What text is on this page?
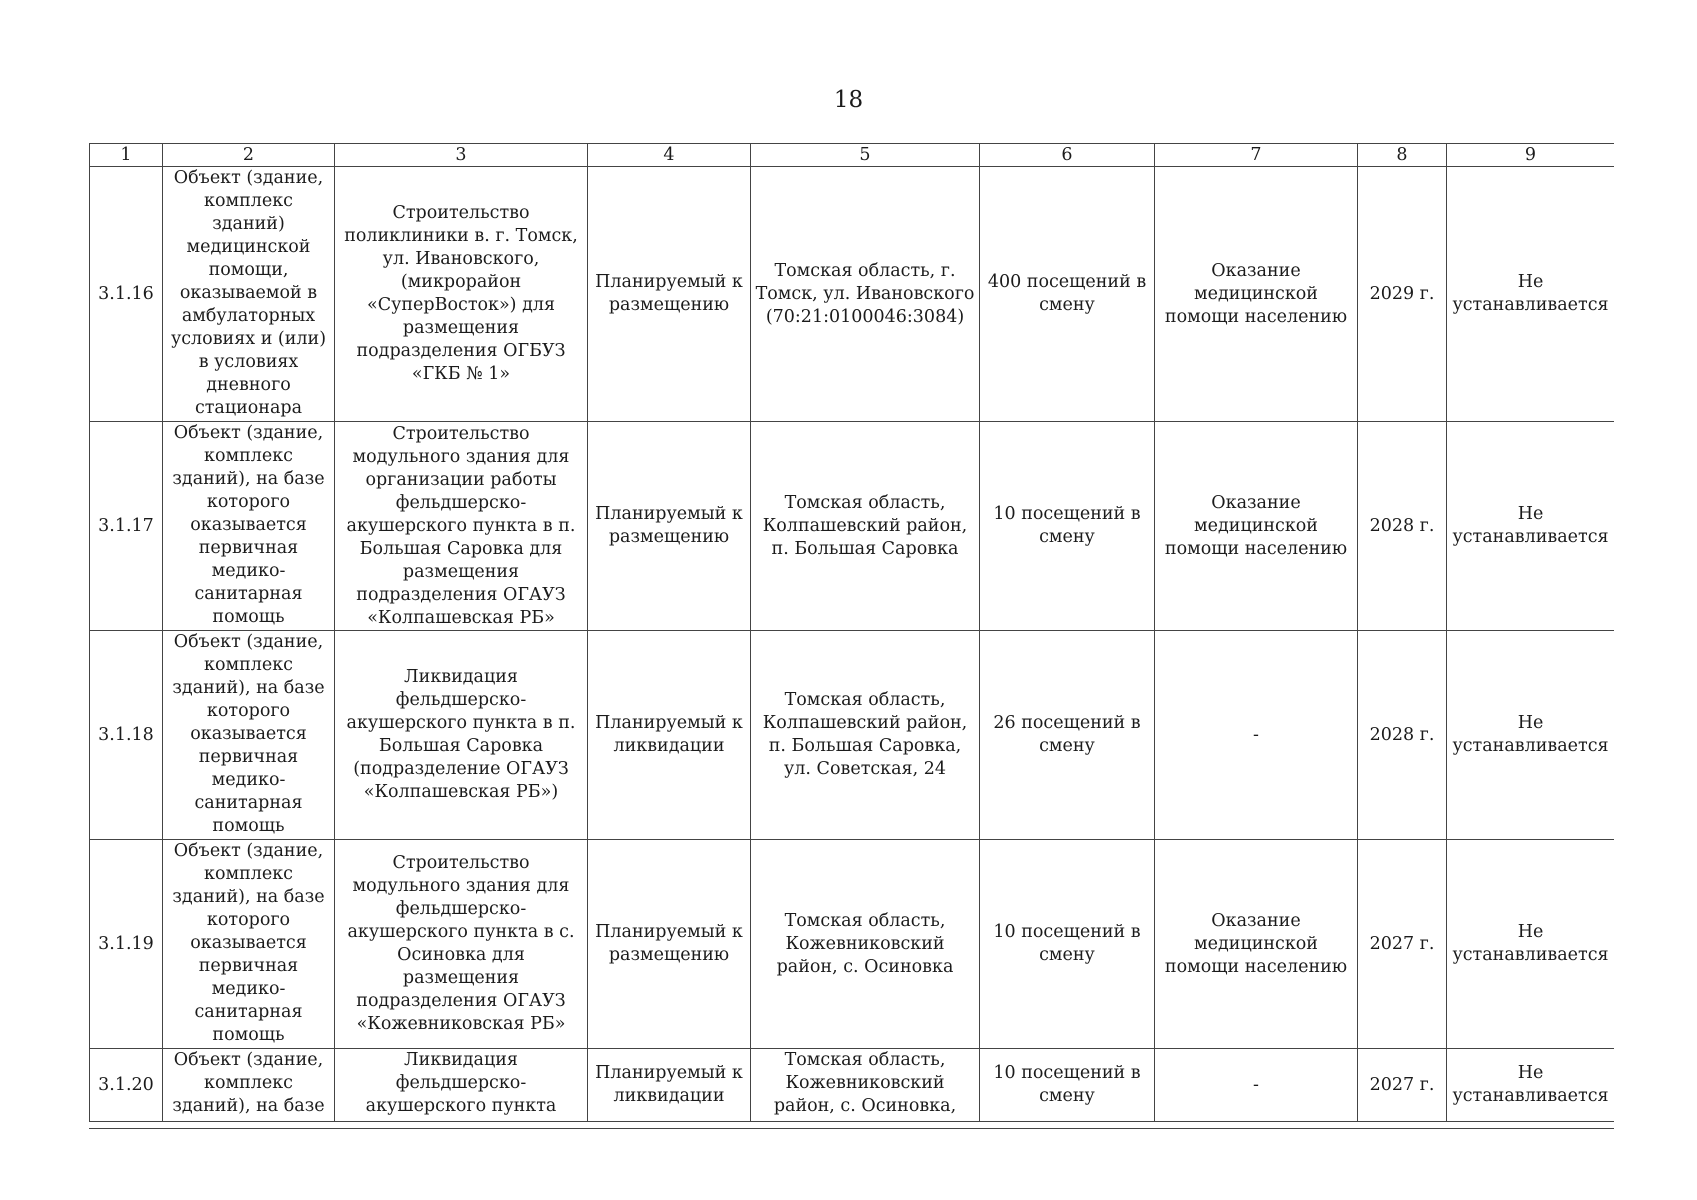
18
1	2	3	4	5	6	7	8	9
3.1.16	Объект (здание, комплекс зданий) медицинской помощи, оказываемой в амбулаторных условиях и (или) в условиях дневного стационара	Строительство поликлиники в. г. Томск, ул. Ивановского, (микрорайон «СуперВосток») для размещения подразделения ОГБУЗ «ГКБ № 1»	Планируемый к размещению	Томская область, г. Томск, ул. Ивановского (70:21:0100046:3084)	400 посещений в смену	Оказание медицинской помощи населению	2029 г.	Не устанавливается
3.1.17	Объект (здание, комплекс зданий), на базе которого оказывается первичная медико-санитарная помощь	Строительство модульного здания для организации работы фельдшерско-акушерского пункта в п. Большая Саровка для размещения подразделения ОГАУЗ «Колпашевская РБ»	Планируемый к размещению	Томская область, Колпашевский район, п. Большая Саровка	10 посещений в смену	Оказание медицинской помощи населению	2028 г.	Не устанавливается
3.1.18	Объект (здание, комплекс зданий), на базе которого оказывается первичная медико-санитарная помощь	Ликвидация фельдшерско-акушерского пункта в п. Большая Саровка (подразделение ОГАУЗ «Колпашевская РБ»)	Планируемый к ликвидации	Томская область, Колпашевский район, п. Большая Саровка, ул. Советская, 24	26 посещений в смену	-	2028 г.	Не устанавливается
3.1.19	Объект (здание, комплекс зданий), на базе которого оказывается первичная медико-санитарная помощь	Строительство модульного здания для фельдшерско-акушерского пункта в с. Осиновка для размещения подразделения ОГАУЗ «Кожевниковская РБ»	Планируемый к размещению	Томская область, Кожевниковский район, с. Осиновка	10 посещений в смену	Оказание медицинской помощи населению	2027 г.	Не устанавливается
3.1.20	Объект (здание, комплекс зданий), на базе	Ликвидация фельдшерско-акушерского пункта	Планируемый к ликвидации	Томская область, Кожевниковский район, с. Осиновка,	10 посещений в смену	-	2027 г.	Не устанавливается
